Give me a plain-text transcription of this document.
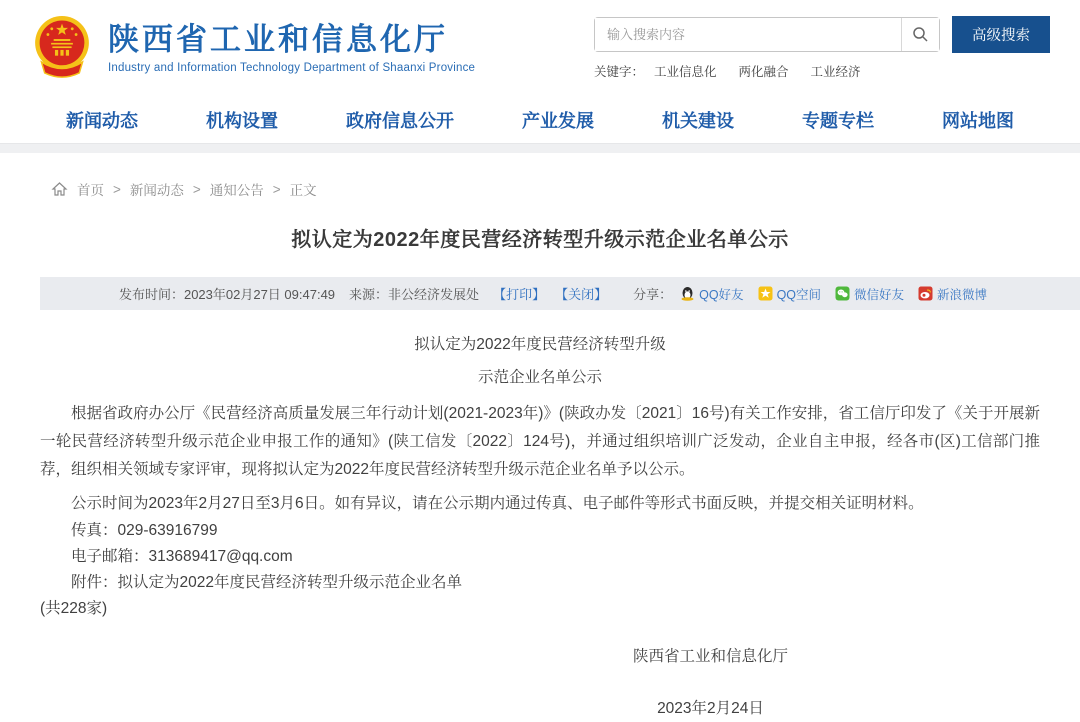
陕西省工业和信息化厅
Industry and Information Technology Department of Shaanxi Province
输入搜索内容
高级搜索
关键字： 工业信息化 两化融合 工业经济
新闻动态	机构设置	政府信息公开	产业发展	机关建设	专题专栏	网站地图
首页 > 新闻动态 > 通知公告 > 正文
拟认定为2022年度民营经济转型升级示范企业名单公示
发布时间：2023年02月27日 09:47:49 来源：非公经济发展处 【打印】 【关闭】 分享： QQ好友	QQ空间	微信好友	新浪微博
拟认定为2022年度民营经济转型升级
示范企业名单公示

根据省政府办公厅《民营经济高质量发展三年行动计划(2021-2023年)》(陕政办发〔2021〕16号)有关工作安排，省工信厅印发了《关于开展新一轮民营经济转型升级示范企业申报工作的通知》(陕工信发〔2022〕124号)，并通过组织培训广泛发动，企业自主申报，经各市(区)工信部门推荐，组织相关领域专家评审，现将拟认定为2022年度民营经济转型升级示范企业名单予以公示。

公示时间为2023年2月27日至3月6日。如有异议，请在公示期内通过传真、电子邮件等形式书面反映，并提交相关证明材料。

传真：029-63916799
电子邮箱：313689417@qq.com
附件：拟认定为2022年度民营经济转型升级示范企业名单
(共228家)
陕西省工业和信息化厅
2023年2月24日
